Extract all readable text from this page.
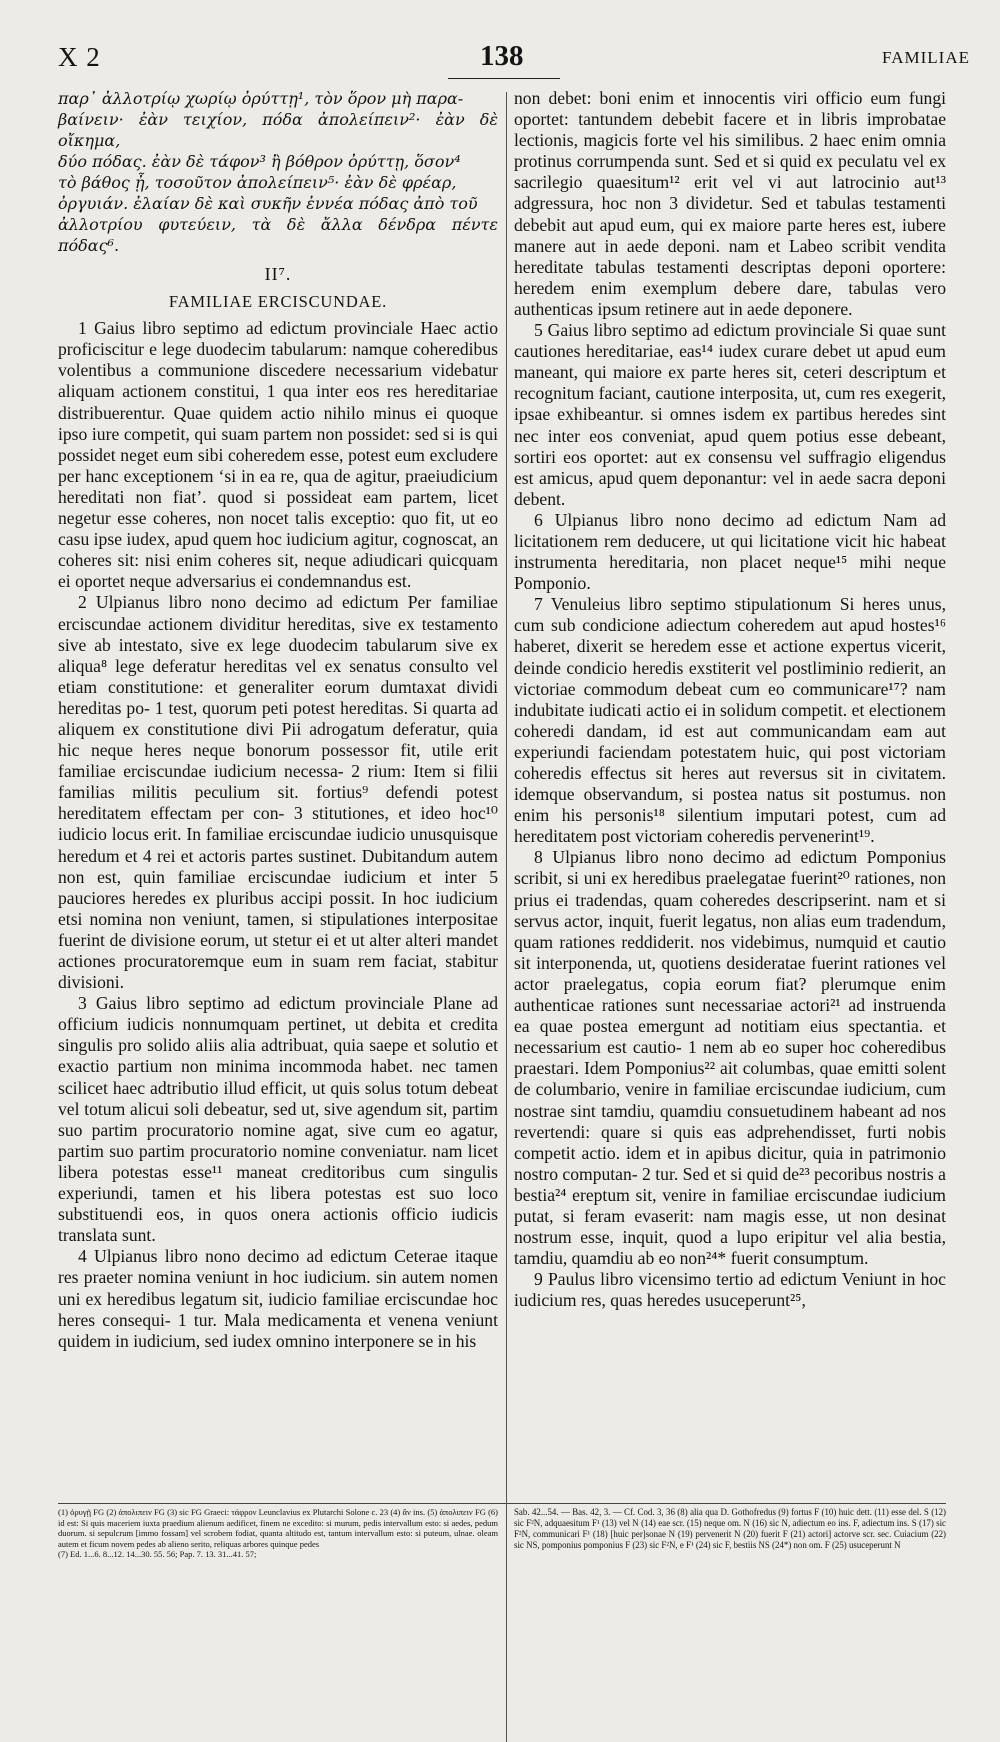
X 2	138	FAMILIAE

παρ᾽ ἀλλοτρίῳ χωρίῳ ὀρύττῃ¹, τὸν ὅρον μὴ παρα-

βαίνειν· ἐὰν τειχίον, πόδα ἀπολείπειν²· ἐὰν δὲ οἴκημα,

δύο πόδας. ἐὰν δὲ τάφον³ ἢ βόθρον ὀρύττῃ, ὅσον⁴

τὸ βάθος ᾖ, τοσοῦτον ἀπολείπειν⁵· ἐὰν δὲ φρέαρ,

ὀργυιάν. ἐλαίαν δὲ καὶ συκῆν ἐννέα πόδας ἀπὸ τοῦ

ἀλλοτρίου φυτεύειν, τὰ δὲ ἄλλα δένδρα πέντε πόδας⁶.

II⁷.
FAMILIAE ERCISCUNDAE.

1 Gaius libro septimo ad edictum provinciale Haec actio proficiscitur e lege duodecim tabularum: namque coheredibus volentibus a communione discedere necessarium videbatur aliquam actionem constitui, 1 qua inter eos res hereditariae distribuerentur. Quae quidem actio nihilo minus ei quoque ipso iure competit, qui suam partem non possidet: sed si is qui possidet neget eum sibi coheredem esse, potest eum excludere per hanc exceptionem ‘si in ea re, qua de agitur, praeiudicium hereditati non fiat’. quod si possideat eam partem, licet negetur esse coheres, non nocet talis exceptio: quo fit, ut eo casu ipse iudex, apud quem hoc iudicium agitur, cognoscat, an coheres sit: nisi enim coheres sit, neque adiudicari quicquam ei oportet neque adversarius ei condemnandus est.

2 Ulpianus libro nono decimo ad edictum Per familiae erciscundae actionem dividitur hereditas, sive ex testamento sive ab intestato, sive ex lege duodecim tabularum sive ex aliqua⁸ lege deferatur hereditas vel ex senatus consulto vel etiam constitutione: et generaliter eorum dumtaxat dividi hereditas po- 1 test, quorum peti potest hereditas. Si quarta ad aliquem ex constitutione divi Pii adrogatum deferatur, quia hic neque heres neque bonorum possessor fit, utile erit familiae erciscundae iudicium necessa- 2 rium: Item si filii familias militis peculium sit. fortius⁹ defendi potest hereditatem effectam per con- 3 stitutiones, et ideo hoc¹⁰ iudicio locus erit. In familiae erciscundae iudicio unusquisque heredum et 4 rei et actoris partes sustinet. Dubitandum autem non est, quin familiae erciscundae iudicium et inter 5 pauciores heredes ex pluribus accipi possit. In hoc iudicium etsi nomina non veniunt, tamen, si stipulationes interpositae fuerint de divisione eorum, ut stetur ei et ut alter alteri mandet actiones procuratoremque eum in suam rem faciat, stabitur divisioni.

3 Gaius libro septimo ad edictum provinciale Plane ad officium iudicis nonnumquam pertinet, ut debita et credita singulis pro solido aliis alia adtribuat, quia saepe et solutio et exactio partium non minima incommoda habet. nec tamen scilicet haec adtributio illud efficit, ut quis solus totum debeat vel totum alicui soli debeatur, sed ut, sive agendum sit, partim suo partim procuratorio nomine agat, sive cum eo agatur, partim suo partim procuratorio nomine conveniatur. nam licet libera potestas esse¹¹ maneat creditoribus cum singulis experiundi, tamen et his libera potestas est suo loco substituendi eos, in quos onera actionis officio iudicis translata sunt.

4 Ulpianus libro nono decimo ad edictum Ceterae itaque res praeter nomina veniunt in hoc iudicium. sin autem nomen uni ex heredibus legatum sit, iudicio familiae erciscundae hoc heres consequi- 1 tur. Mala medicamenta et venena veniunt quidem in iudicium, sed iudex omnino interponere se in his

non debet: boni enim et innocentis viri officio eum fungi oportet: tantundem debebit facere et in libris improbatae lectionis, magicis forte vel his similibus. 2 haec enim omnia protinus corrumpenda sunt. Sed et si quid ex peculatu vel ex sacrilegio quaesitum¹² erit vel vi aut latrocinio aut¹³ adgressura, hoc non 3 dividetur. Sed et tabulas testamenti debebit aut apud eum, qui ex maiore parte heres est, iubere manere aut in aede deponi. nam et Labeo scribit vendita hereditate tabulas testamenti descriptas deponi oportere: heredem enim exemplum debere dare, tabulas vero authenticas ipsum retinere aut in aede deponere.

5 Gaius libro septimo ad edictum provinciale Si quae sunt cautiones hereditariae, eas¹⁴ iudex curare debet ut apud eum maneant, qui maiore ex parte heres sit, ceteri descriptum et recognitum faciant, cautione interposita, ut, cum res exegerit, ipsae exhibeantur. si omnes isdem ex partibus heredes sint nec inter eos conveniat, apud quem potius esse debeant, sortiri eos oportet: aut ex consensu vel suffragio eligendus est amicus, apud quem deponantur: vel in aede sacra deponi debent.

6 Ulpianus libro nono decimo ad edictum Nam ad licitationem rem deducere, ut qui licitatione vicit hic habeat instrumenta hereditaria, non placet neque¹⁵ mihi neque Pomponio.

7 Venuleius libro septimo stipulationum Si heres unus, cum sub condicione adiectum coheredem aut apud hostes¹⁶ haberet, dixerit se heredem esse et actione expertus vicerit, deinde condicio heredis exstiterit vel postliminio redierit, an victoriae commodum debeat cum eo communicare¹⁷? nam indubitate iudicati actio ei in solidum competit. et electionem coheredi dandam, id est aut communicandam eam aut experiundi faciendam potestatem huic, qui post victoriam coheredis effectus sit heres aut reversus sit in civitatem. idemque observandum, si postea natus sit postumus. non enim his personis¹⁸ silentium imputari potest, cum ad hereditatem post victoriam coheredis pervenerint¹⁹.

8 Ulpianus libro nono decimo ad edictum Pomponius scribit, si uni ex heredibus praelegatae fuerint²⁰ rationes, non prius ei tradendas, quam coheredes descripserint. nam et si servus actor, inquit, fuerit legatus, non alias eum tradendum, quam rationes reddiderit. nos videbimus, numquid et cautio sit interponenda, ut, quotiens desideratae fuerint rationes vel actor praelegatus, copia eorum fiat? plerumque enim authenticae rationes sunt necessariae actori²¹ ad instruenda ea quae postea emergunt ad notitiam eius spectantia. et necessarium est cautio- 1 nem ab eo super hoc coheredibus praestari. Idem Pomponius²² ait columbas, quae emitti solent de columbario, venire in familiae erciscundae iudicium, cum nostrae sint tamdiu, quamdiu consuetudinem habeant ad nos revertendi: quare si quis eas adprehendisset, furti nobis competit actio. idem et in apibus dicitur, quia in patrimonio nostro computan- 2 tur. Sed et si quid de²³ pecoribus nostris a bestia²⁴ ereptum sit, venire in familiae erciscundae iudicium putat, si feram evaserit: nam magis esse, ut non desinat nostrum esse, inquit, quod a lupo eripitur vel alia bestia, tamdiu, quamdiu ab eo non²⁴* fuerit consumptum.

9 Paulus libro vicensimo tertio ad edictum Veniunt in hoc iudicium res, quas heredes usuceperunt²⁵,

(1) ὀρυγῇ FG (2) ἀπολιπειν FG (3) sic FG Graeci: τάφρον Leunclavius ex Plutarchi Solone c. 23 (4) ἂν ins. (5) ἀπολιπειν FG (6) id est: Si quis maceriem iuxta praedium alienum aedificet, finem ne excedito: si murum, pedis intervallum esto: si aedes, pedum duorum. si sepulcrum [immo fossam] vel scrobem fodiat, quanta altitudo est, tantum intervallum esto: si puteum, ulnae. oleam autem et ficum novem pedes ab alieno serito, reliquas arbores quinque pedes

(7) Ed. 1...6. 8...12. 14...30. 55. 56; Pap. 7. 13. 31...41. 57;

Sab. 42...54. — Bas. 42, 3. — Cf. Cod. 3, 36 (8) alia qua D. Gothofredus (9) fortus F (10) huic dett. (11) esse del. S (12) sic F²N, adquaesitum F¹ (13) vel N (14) eae scr. (15) neque om. N (16) sic N, adiectum eo ins. F, adiectum ins. S (17) sic F²N, communicari F¹ (18) [huic per]sonae N (19) pervenerit N (20) fuerit F (21) actori] actorve scr. sec. Cuiacium (22) sic NS, pomponius pomponius F (23) sic F²N, e F¹ (24) sic F, bestiis NS (24*) non om. F (25) usuceperunt N
